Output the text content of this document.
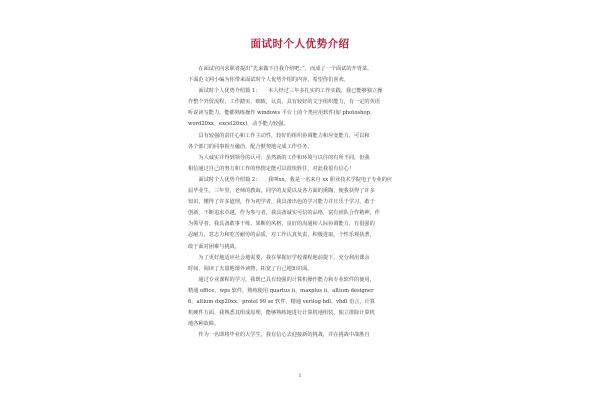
面试时个人优势介绍
　　在面试官向求职者提出“先来做下自我介绍吧；”，而成了一个面试的开胃菜，
下面范文网小编为你带来面试时个人优势介绍的内容，希望你们喜欢。
　　面试时个人优势介绍篇 1：　　本人经过三年多扎实的工作实践，我已能够独立操
作整个外贸流程，工作踏实、细致，认真，具有较好的文字组织能力，有一定的英语
听说读写能力。能都熟练操作 windows 平台上的个类应用软件(如 photoshop、
word20xx、excel20xx)，动手能力较强。
　　具有较强的责任心和工作主动性，较好的组织协调能力和应变能力，可以和
各个部门的同事相互融洽，配合默契地完成工作任务。
　　为人诚实并得到领导的认可；虽然新的工作和环境与以往的有所不同，但我
相信通过自己的努力和工作的热情定能可以很快胜任，对此我很有信心！
　　面试时个人优势介绍篇 2：　　我叫xx，我是一名来自 xx 职业技术学院电子专业的应
届毕业生，三年里，老师的教诲，同学的友爱以及各方面的熏陶，使我获得了许多
知识，懂得了许多道理，作为初学者，我具备出色的学习能力并且乐于学习，敢于
创新，不断追求卓越，作为参与者，我具备诚实可信的品格，富有团队合作精神，作
为领导者，我具备敢事干练，果断的风格，良好的沟通和人际协调能力，有很强的
忍耐力，意志力和吃苦耐劳的品质，对工作认真负责，积极进取，个性乐观执著，
敢于面对困难与挑战。
　　为了更好地适应社会地需要，我在掌握好学校课程地前提下，充分利用课余
时间，阅读了大量地课外读物，拓宽了自己地知识面。
　　通过专业课程的学习，我既已具有较强的计算机操作能力和专业软件的使用，
精通 office、wps 软件，熟练使用 quartus ii、maxplus ii、altium designer
6、altium dxp20xx、protel 99 se 软件，精通 verilog hdl、vhdl 语言，计算
机硬件方面，我熟悉其组成原理，能够熟练地进行计算机地组装，独立排除计算机
地各种故障。
　　作为一名即将毕业的大学生，我有信心去迎接新的挑战，并在挑战中战胜自
1
